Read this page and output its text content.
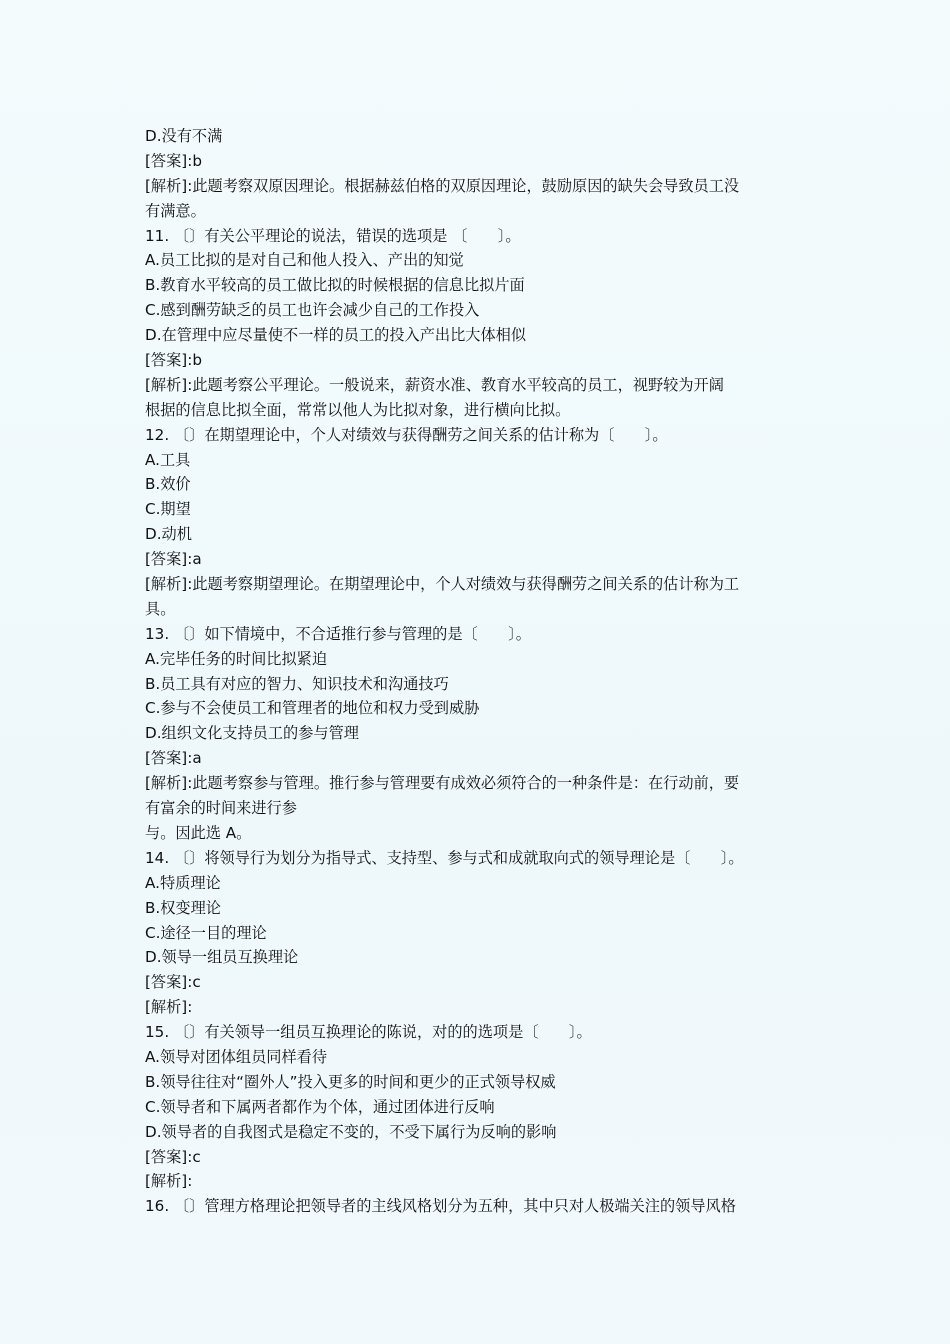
D.没有不满
[答案]:b
[解析]:此题考察双原因理论。根据赫兹伯格的双原因理论，鼓励原因的缺失会导致员工没
有满意。
11. 〔〕有关公平理论的说法，错误的选项是 〔　　〕。
A.员工比拟的是对自己和他人投入、产出的知觉
B.教育水平较高的员工做比拟的时候根据的信息比拟片面
C.感到酬劳缺乏的员工也许会减少自己的工作投入
D.在管理中应尽量使不一样的员工的投入产出比大体相似
[答案]:b
[解析]:此题考察公平理论。一般说来，薪资水准、教育水平较高的员工，视野较为开阔
根据的信息比拟全面，常常以他人为比拟对象，进行横向比拟。
12. 〔〕在期望理论中，个人对绩效与获得酬劳之间关系的估计称为〔　　〕。
A.工具
B.效价
C.期望
D.动机
[答案]:a
[解析]:此题考察期望理论。在期望理论中，个人对绩效与获得酬劳之间关系的估计称为工
具。
13. 〔〕如下情境中，不合适推行参与管理的是〔　　〕。
A.完毕任务的时间比拟紧迫
B.员工具有对应的智力、知识技术和沟通技巧
C.参与不会使员工和管理者的地位和权力受到威胁
D.组织文化支持员工的参与管理
[答案]:a
[解析]:此题考察参与管理。推行参与管理要有成效必须符合的一种条件是：在行动前，要
有富余的时间来进行参
与。因此选 A。
14. 〔〕将领导行为划分为指导式、支持型、参与式和成就取向式的领导理论是〔　　〕。
A.特质理论
B.权变理论
C.途径一目的理论
D.领导一组员互换理论
[答案]:c
[解析]:
15. 〔〕有关领导一组员互换理论的陈说，对的的选项是〔　　〕。
A.领导对团体组员同样看待
B.领导往往对“圈外人”投入更多的时间和更少的正式领导权威
C.领导者和下属两者都作为个体，通过团体进行反响
D.领导者的自我图式是稳定不变的，不受下属行为反响的影响
[答案]:c
[解析]:
16. 〔〕管理方格理论把领导者的主线风格划分为五种，其中只对人极端关注的领导风格
